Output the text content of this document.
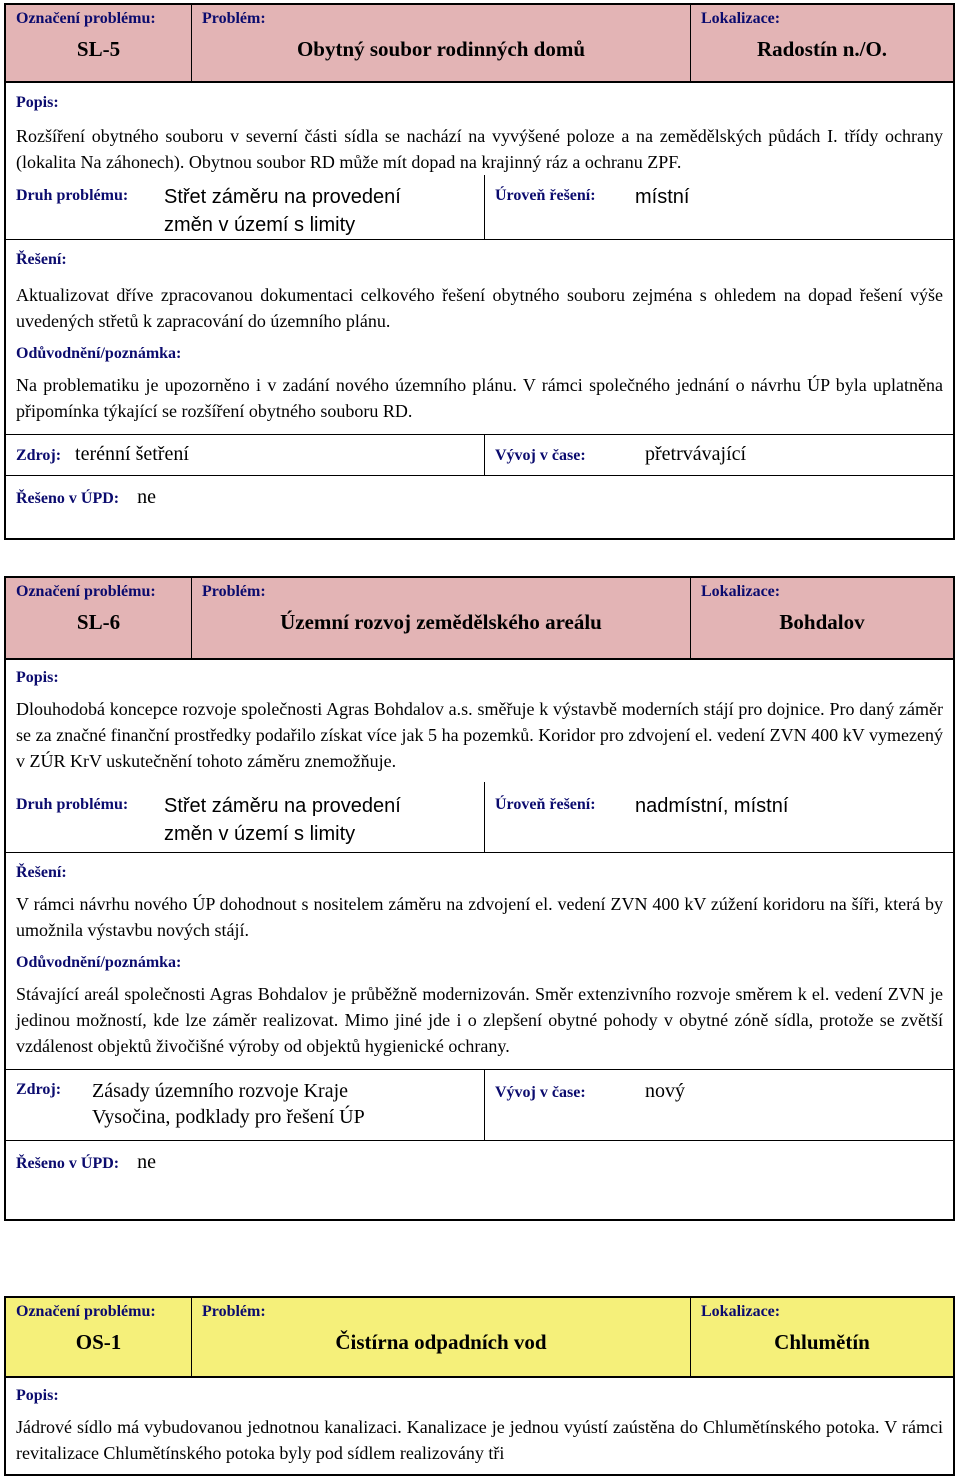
Označení problému:
SL-5
Problém:
Obytný soubor rodinných domů
Lokalizace:
Radostín n./O.
Popis:

Rozšíření obytného souboru v severní části sídla se nachází na vyvýšené poloze a na zemědělských půdách I. třídy ochrany (lokalita Na záhonech). Obytnou soubor RD může mít dopad na krajinný ráz a ochranu ZPF.

Druh problému:	Střet záměru na provedení
změn v území s limity
Úroveň řešení:	místní
Řešení:

Aktualizovat dříve zpracovanou dokumentaci celkového řešení obytného souboru zejména s ohledem na dopad řešení výše uvedených střetů k zapracování do územního plánu.

Odůvodnění/poznámka:

Na problematiku je upozorněno i v zadání nového územního plánu. V rámci společného jednání o návrhu ÚP byla uplatněna připomínka týkající se rozšíření obytného souboru RD.

Zdroj: terénní šetření	Vývoj v čase:	přetrvávající
Řešeno v ÚPD: ne
Označení problému:
SL-6
Problém:
Územní rozvoj zemědělského areálu
Lokalizace:
Bohdalov
Popis:

Dlouhodobá koncepce rozvoje společnosti Agras Bohdalov a.s. směřuje k výstavbě moderních stájí pro dojnice. Pro daný záměr se za značné finanční prostředky podařilo získat více jak 5 ha pozemků. Koridor pro zdvojení el. vedení ZVN 400 kV vymezený v ZÚR KrV uskutečnění tohoto záměru znemožňuje.

Druh problému:	Střet záměru na provedení
změn v území s limity
Úroveň řešení:	nadmístní, místní
Řešení:

V rámci návrhu nového ÚP dohodnout s nositelem záměru na zdvojení el. vedení ZVN 400 kV zúžení koridoru na šíři, která by umožnila výstavbu nových stájí.

Odůvodnění/poznámka:

Stávající areál společnosti Agras Bohdalov je průběžně modernizován. Směr extenzivního rozvoje směrem k el. vedení ZVN je jedinou možností, kde lze záměr realizovat. Mimo jiné jde i o zlepšení obytné pohody v obytné zóně sídla, protože se zvětší vzdálenost objektů živočišné výroby od objektů hygienické ochrany.

Zdroj:	Zásady územního rozvoje Kraje
Vysočina, podklady pro řešení ÚP
Vývoj v čase:	nový
Řešeno v ÚPD: ne
Označení problému:
OS-1
Problém:
Čistírna odpadních vod
Lokalizace:
Chlumětín
Popis:

Jádrové sídlo má vybudovanou jednotnou kanalizaci. Kanalizace je jednou vyústí zaústěna do Chlumětínského potoka. V rámci revitalizace Chlumětínského potoka byly pod sídlem realizovány tři
